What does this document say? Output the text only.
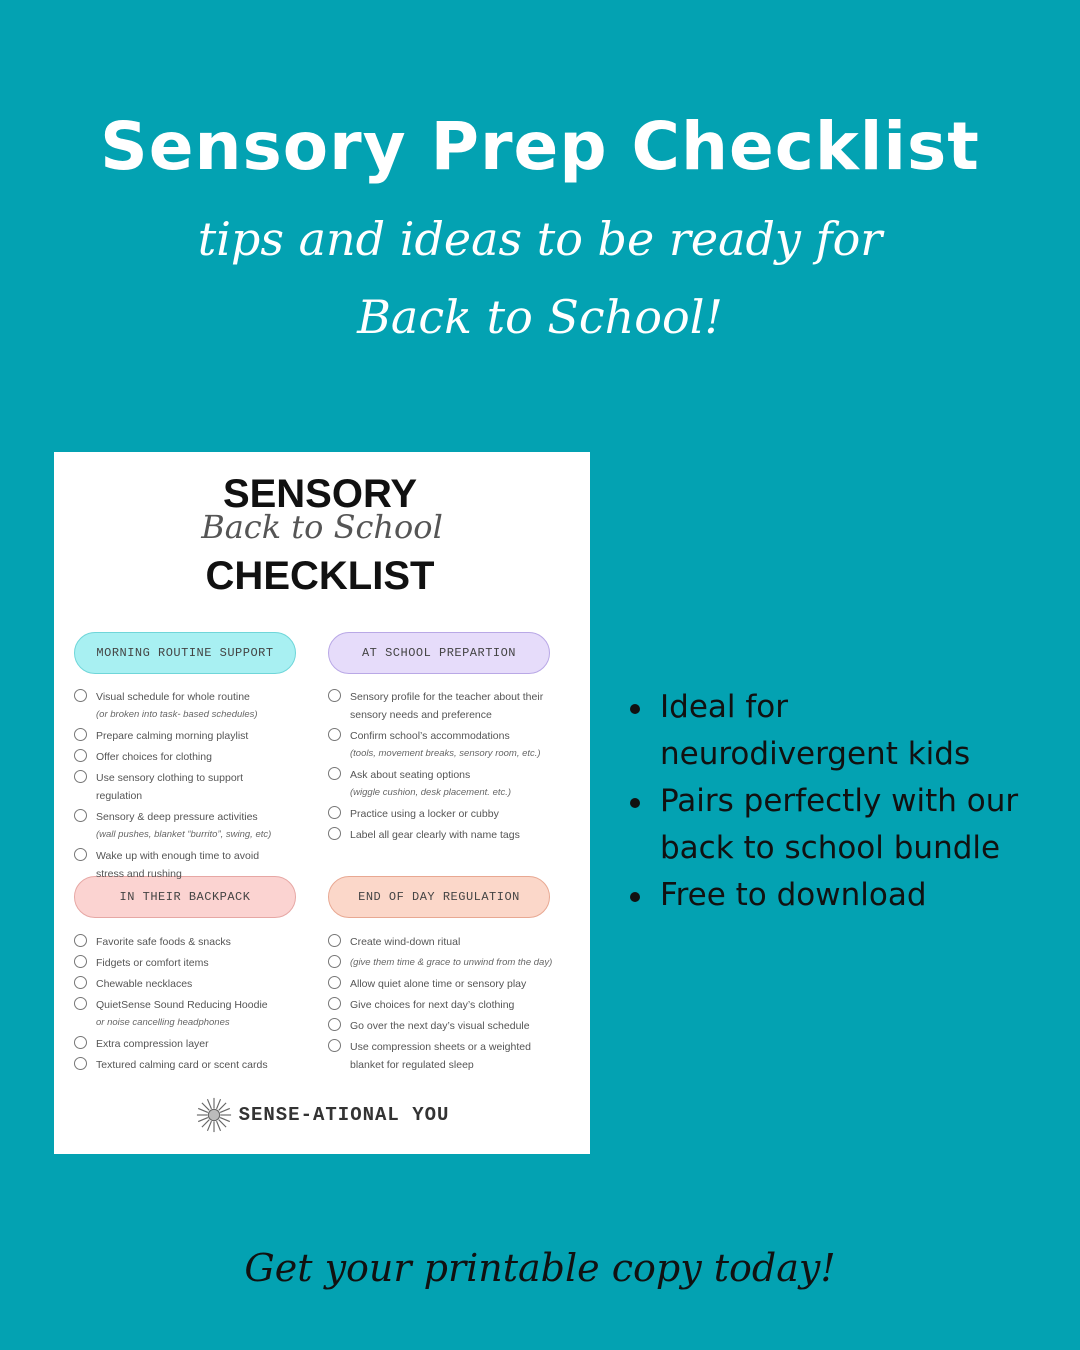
Sensory Prep Checklist
tips and ideas to be ready for
Back to School!
SENSORY
Back to School
CHECKLIST
MORNING ROUTINE SUPPORT	AT SCHOOL PREPARTION
IN THEIR BACKPACK	END OF DAY REGULATION
Visual schedule for whole routine
(or broken into task- based schedules)
Prepare calming morning playlist
Offer choices for clothing
Use sensory clothing to support
regulation
Sensory & deep pressure activities
(wall pushes, blanket “burrito”, swing, etc)
Wake up with enough time to avoid
stress and rushing
Sensory profile for the teacher about their
sensory needs and preference
Confirm school’s accommodations
(tools, movement breaks, sensory room, etc.)
Ask about seating options
(wiggle cushion, desk placement. etc.)
Practice using a locker or cubby
Label all gear clearly with name tags
Favorite safe foods & snacks
Fidgets or comfort items
Chewable necklaces
QuietSense Sound Reducing Hoodie
or noise cancelling headphones
Extra compression layer
Textured calming card or scent cards
Create wind-down ritual
(give them time & grace to unwind from the day)
Allow quiet alone time or sensory play
Give choices for next day’s clothing
Go over the next day’s visual schedule
Use compression sheets or a weighted
blanket for regulated sleep
SENSE-ATIONAL YOU
Ideal for
neurodivergent kids
Pairs perfectly with our
back to school bundle
Free to download
Get your printable copy today!
